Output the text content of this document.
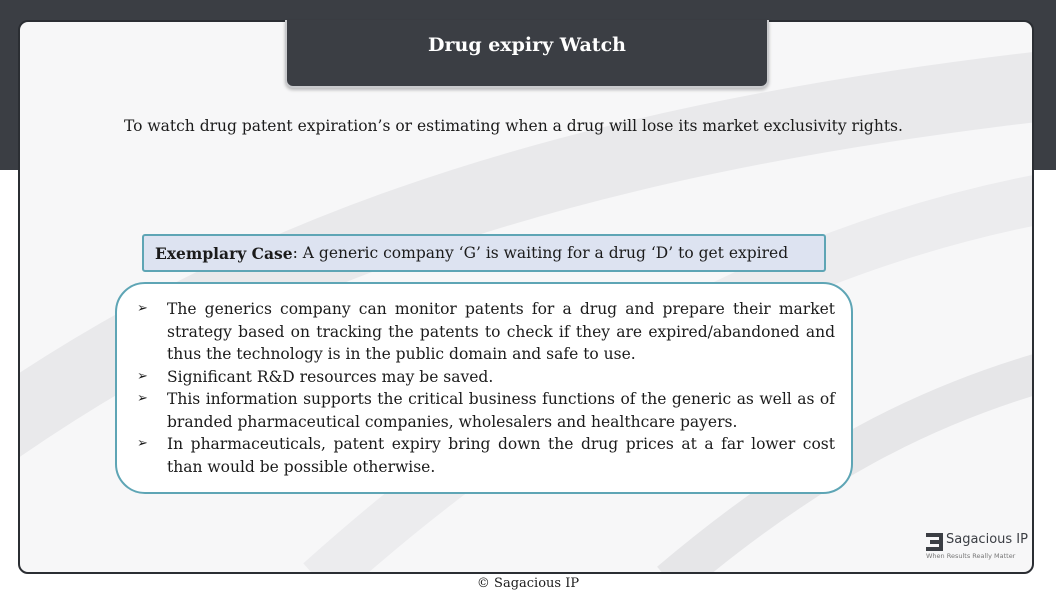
Drug expiry Watch
To watch drug patent expiration’s or estimating when a drug will lose its market exclusivity rights.
Exemplary Case : A generic company ‘G’ is waiting for a drug ‘D’ to get expired
➢	The generics company can monitor patents for a drug and prepare their market strategy based on tracking the patents to check if they are expired/abandoned and thus the technology is in the public domain and safe to use.
➢	Significant R&D resources may be saved.
➢	This information supports the critical business functions of the generic as well as of branded pharmaceutical companies, wholesalers and healthcare payers.
➢	In pharmaceuticals, patent expiry bring down the drug prices at a far lower cost than would be possible otherwise.
Sagacious IP
When Results Really Matter
© Sagacious IP
